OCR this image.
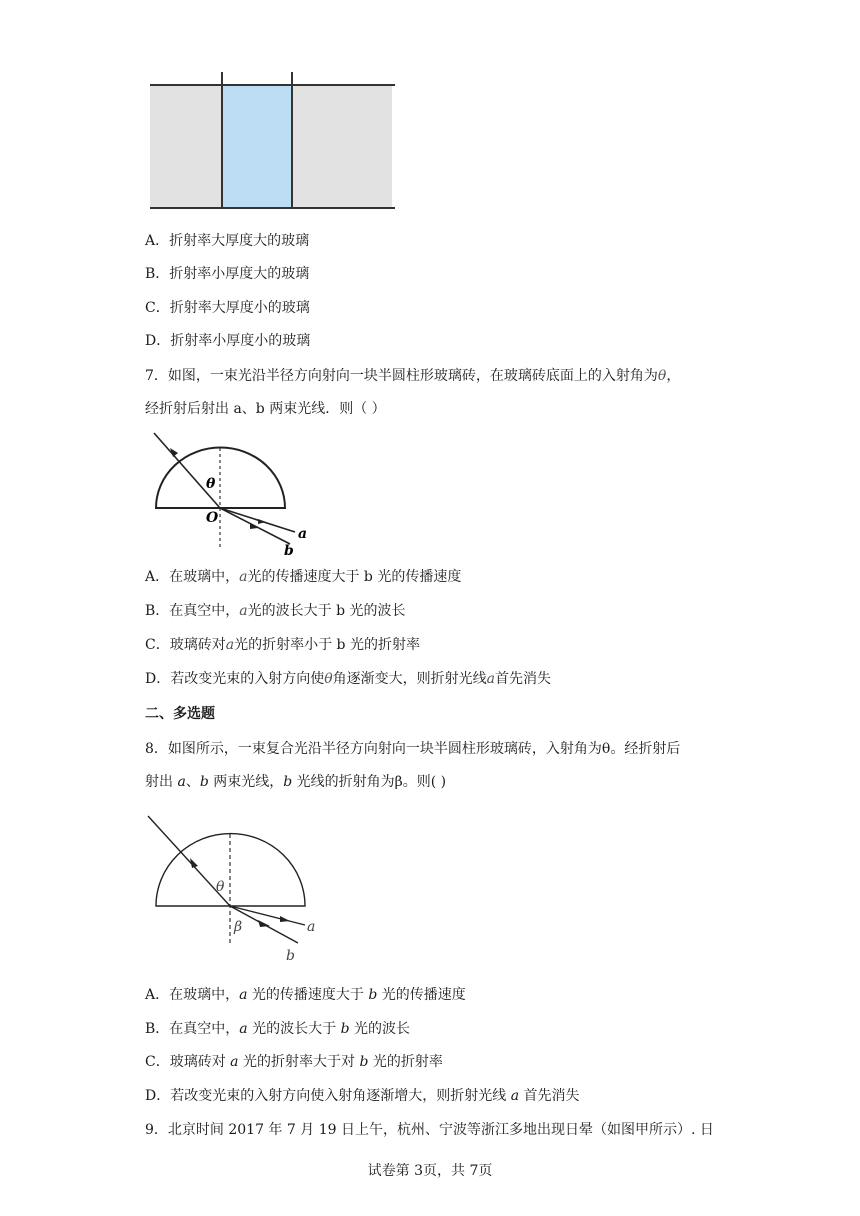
A．折射率大厚度大的玻璃
B．折射率小厚度大的玻璃
C．折射率大厚度小的玻璃
D．折射率小厚度小的玻璃
7．如图，一束光沿半径方向射向一块半圆柱形玻璃砖，在玻璃砖底面上的入射角为θ，
经折射后射出 a、b 两束光线．则（ ）
θ
O
a
b
A．在玻璃中，a光的传播速度大于 b 光的传播速度
B．在真空中，a光的波长大于 b 光的波长
C．玻璃砖对a光的折射率小于 b 光的折射率
D．若改变光束的入射方向使θ角逐渐变大，则折射光线a首先消失
二、多选题
8．如图所示，一束复合光沿半径方向射向一块半圆柱形玻璃砖，入射角为θ。经折射后
射出 a、b 两束光线，b 光线的折射角为β。则( )
θ
β	a
b
A．在玻璃中，a 光的传播速度大于 b 光的传播速度
B．在真空中，a 光的波长大于 b 光的波长
C．玻璃砖对 a 光的折射率大于对 b 光的折射率
D．若改变光束的入射方向使入射角逐渐增大，则折射光线 a 首先消失
9．北京时间 2017 年 7 月 19 日上午，杭州、宁波等浙江多地出现日晕（如图甲所示）. 日
试卷第 3页，共 7页
